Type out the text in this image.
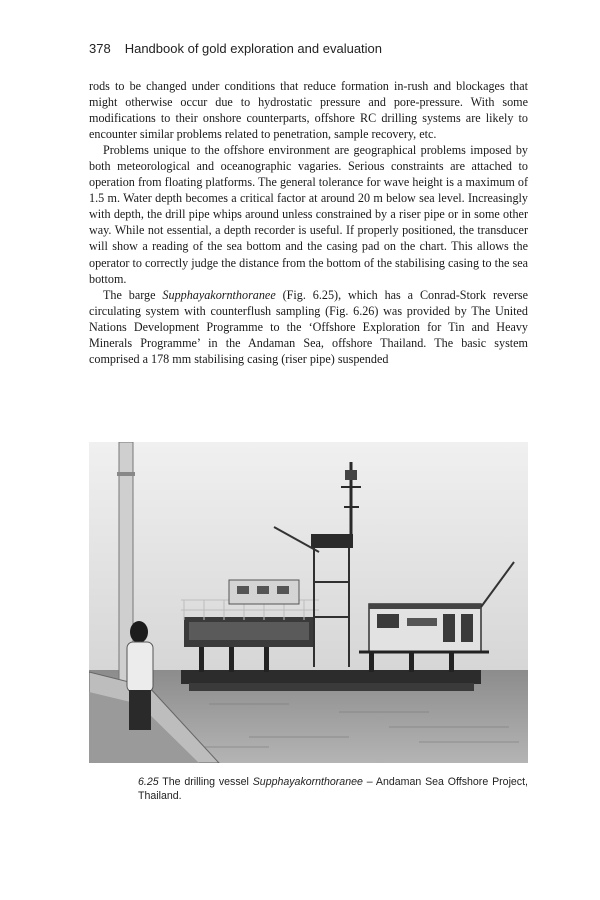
378 Handbook of gold exploration and evaluation

rods to be changed under conditions that reduce formation in-rush and blockages that might otherwise occur due to hydrostatic pressure and pore-pressure. With some modifications to their onshore counterparts, offshore RC drilling systems are likely to encounter similar problems related to penetration, sample recovery, etc.

Problems unique to the offshore environment are geographical problems imposed by both meteorological and oceanographic vagaries. Serious constraints are attached to operation from floating platforms. The general tolerance for wave height is a maximum of 1.5 m. Water depth becomes a critical factor at around 20 m below sea level. Increasingly with depth, the drill pipe whips around unless constrained by a riser pipe or in some other way. While not essential, a depth recorder is useful. If properly positioned, the transducer will show a reading of the sea bottom and the casing pad on the chart. This allows the operator to correctly judge the distance from the bottom of the stabilising casing to the sea bottom.

The barge Supphayakornthoranee (Fig. 6.25), which has a Conrad-Stork reverse circulating system with counterflush sampling (Fig. 6.26) was provided by The United Nations Development Programme to the ‘Offshore Exploration for Tin and Heavy Minerals Programme’ in the Andaman Sea, offshore Thailand. The basic system comprised a 178 mm stabilising casing (riser pipe) suspended

6.25 The drilling vessel Supphayakornthoranee – Andaman Sea Offshore Project, Thailand.
